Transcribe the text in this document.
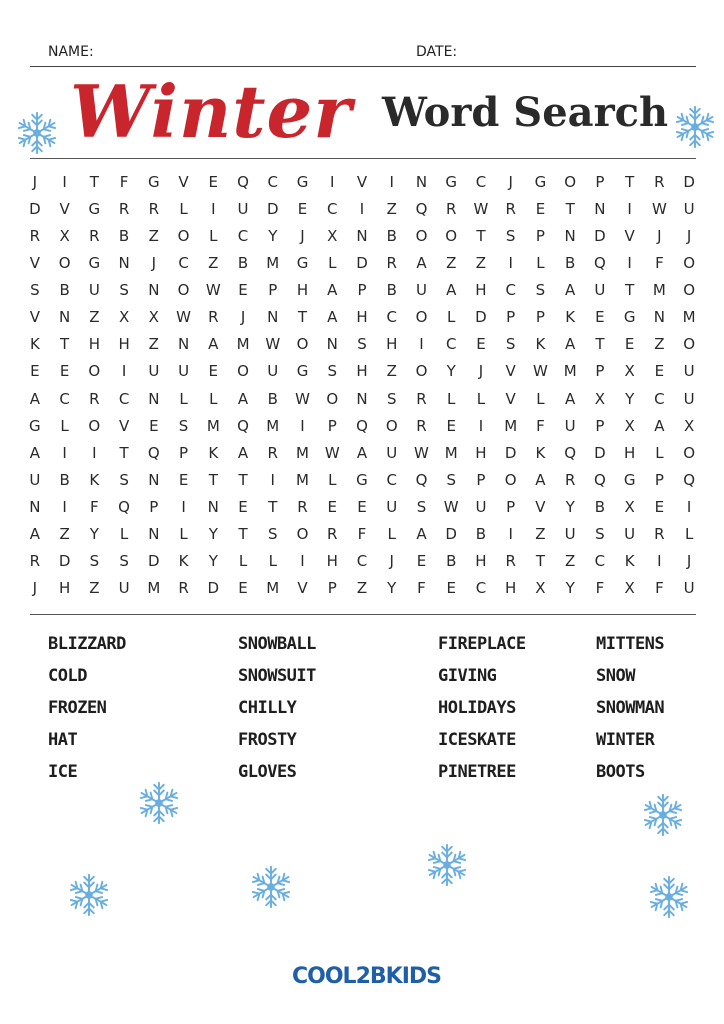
NAME:	DATE:
Winter Word Search
J	I	T	F	G	V	E	Q	C	G	I	V	I	N	G	C	J	G	O	P	T	R	D
D	V	G	R	R	L	I	U	D	E	C	I	Z	Q	R	W	R	E	T	N	I	W	U
R	X	R	B	Z	O	L	C	Y	J	X	N	B	O	O	T	S	P	N	D	V	J	J
V	O	G	N	J	C	Z	B	M	G	L	D	R	A	Z	Z	I	L	B	Q	I	F	O
S	B	U	S	N	O	W	E	P	H	A	P	B	U	A	H	C	S	A	U	T	M	O
V	N	Z	X	X	W	R	J	N	T	A	H	C	O	L	D	P	P	K	E	G	N	M
K	T	H	H	Z	N	A	M	W	O	N	S	H	I	C	E	S	K	A	T	E	Z	O
E	E	O	I	U	U	E	O	U	G	S	H	Z	O	Y	J	V	W	M	P	X	E	U
A	C	R	C	N	L	L	A	B	W	O	N	S	R	L	L	V	L	A	X	Y	C	U
G	L	O	V	E	S	M	Q	M	I	P	Q	O	R	E	I	M	F	U	P	X	A	X
A	I	I	T	Q	P	K	A	R	M	W	A	U	W	M	H	D	K	Q	D	H	L	O
U	B	K	S	N	E	T	T	I	M	L	G	C	Q	S	P	O	A	R	Q	G	P	Q
N	I	F	Q	P	I	N	E	T	R	E	E	U	S	W	U	P	V	Y	B	X	E	I
A	Z	Y	L	N	L	Y	T	S	O	R	F	L	A	D	B	I	Z	U	S	U	R	L
R	D	S	S	D	K	Y	L	L	I	H	C	J	E	B	H	R	T	Z	C	K	I	J
J	H	Z	U	M	R	D	E	M	V	P	Z	Y	F	E	C	H	X	Y	F	X	F	U
BLIZZARD
COLD
FROZEN
HAT
ICE
SNOWBALL
SNOWSUIT
CHILLY
FROSTY
GLOVES
FIREPLACE
GIVING
HOLIDAYS
ICESKATE
PINETREE
MITTENS
SNOW
SNOWMAN
WINTER
BOOTS
COOL2BKIDS
